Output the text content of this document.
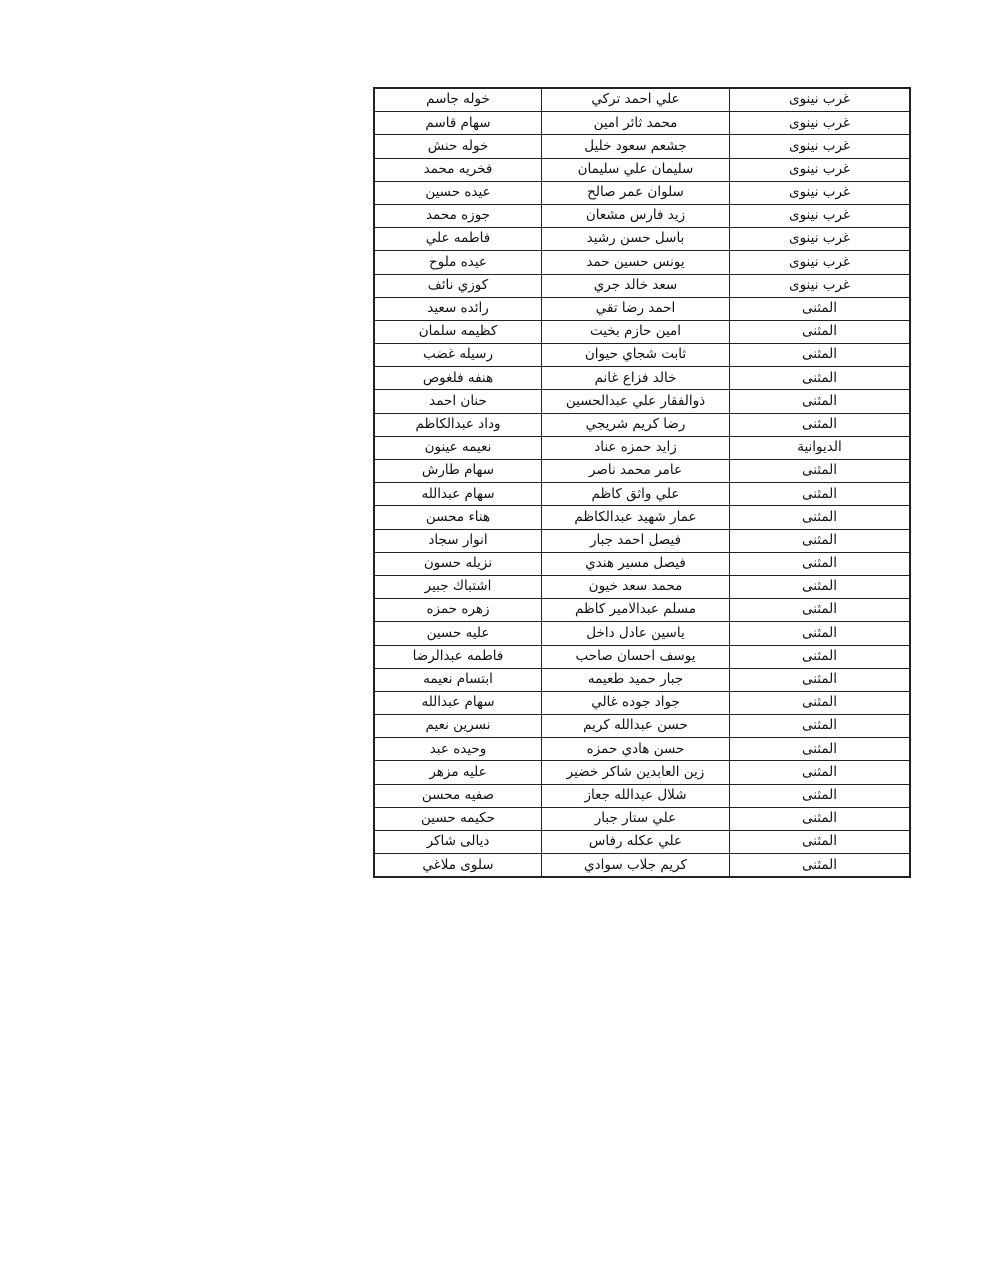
غرب نينوى	علي احمد تركي	خوله جاسم
غرب نينوى	محمد ثائر امين	سهام قاسم
غرب نينوى	جشعم سعود خليل	خوله حنش
غرب نينوى	سليمان علي سليمان	فخريه محمد
غرب نينوى	سلوان عمر صالح	عيده حسين
غرب نينوى	زيد فارس مشعان	جوزه محمد
غرب نينوى	باسل حسن رشيد	فاطمه علي
غرب نينوى	يونس حسين حمد	عيده ملوح
غرب نينوى	سعد خالد جري	كوزي نائف
المثنى	احمد رضا تقي	رائده سعيد
المثنى	امين حازم بخيت	كظيمه سلمان
المثنى	ثابت شجاي حيوان	رسيله غضب
المثنى	خالد فزاع غانم	هنفه فلغوص
المثنى	ذوالفقار علي عبدالحسين	حنان احمد
المثنى	رضا كريم شريجي	وداد عبدالكاظم
الديوانية	زايد حمزه عناد	نعيمه عينون
المثنى	عامر محمد ناصر	سهام طارش
المثنى	علي واثق كاظم	سهام عبدالله
المثنى	عمار شهيد عبدالكاظم	هناء محسن
المثنى	فيصل احمد جبار	انوار سجاد
المثنى	فيصل مسير هندي	نزيله حسون
المثنى	محمد سعد خيون	اشتباك جبير
المثنى	مسلم عبدالامير كاظم	زهره حمزه
المثنى	ياسين عادل داخل	عليه حسين
المثنى	يوسف احسان صاحب	فاطمه عبدالرضا
المثنى	جبار حميد طعيمه	ابتسام نعيمه
المثنى	جواد جوده غالي	سهام عبدالله
المثنى	حسن عبدالله كريم	نسرين نعيم
المثنى	حسن هادي حمزه	وحيده عبد
المثنى	زين العابدين شاكر خضير	عليه مزهر
المثنى	شلال عبدالله جعاز	صفيه محسن
المثنى	علي ستار جبار	حكيمه حسين
المثنى	علي عكله رفاس	ديالى شاكر
المثنى	كريم جلاب سوادي	سلوى ملاغي
